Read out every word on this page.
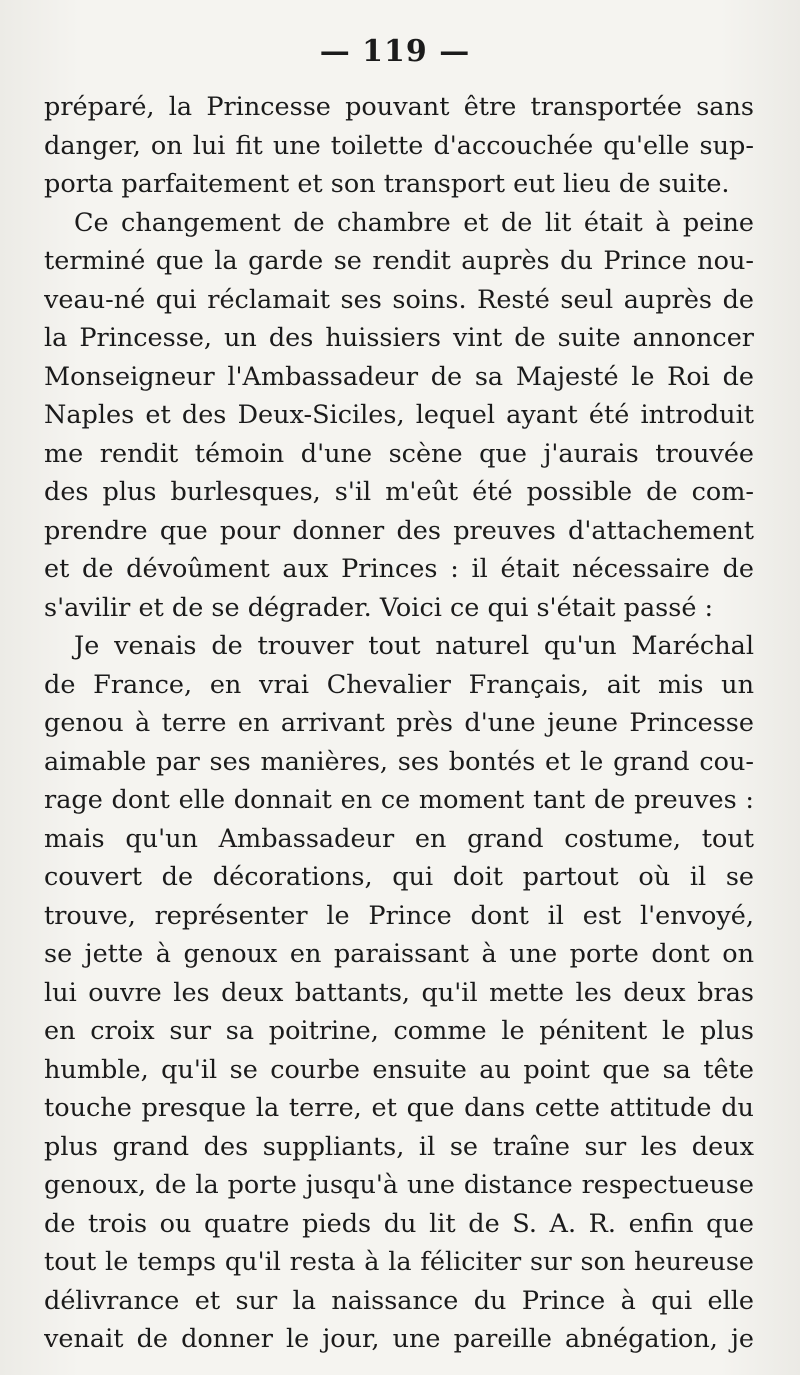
— 119 —
préparé, la Princesse pouvant être transportée sans
danger, on lui fit une toilette d'accouchée qu'elle sup-
porta parfaitement et son transport eut lieu de suite.
Ce changement de chambre et de lit était à peine
terminé que la garde se rendit auprès du Prince nou-
veau-né qui réclamait ses soins. Resté seul auprès de
la Princesse, un des huissiers vint de suite annoncer
Monseigneur l'Ambassadeur de sa Majesté le Roi de
Naples et des Deux-Siciles, lequel ayant été introduit
me rendit témoin d'une scène que j'aurais trouvée
des plus burlesques, s'il m'eût été possible de com-
prendre que pour donner des preuves d'attachement
et de dévoûment aux Princes : il était nécessaire de
s'avilir et de se dégrader. Voici ce qui s'était passé :
Je venais de trouver tout naturel qu'un Maréchal
de France, en vrai Chevalier Français, ait mis un
genou à terre en arrivant près d'une jeune Princesse
aimable par ses manières, ses bontés et le grand cou-
rage dont elle donnait en ce moment tant de preuves :
mais qu'un Ambassadeur en grand costume, tout
couvert de décorations, qui doit partout où il se
trouve, représenter le Prince dont il est l'envoyé,
se jette à genoux en paraissant à une porte dont on
lui ouvre les deux battants, qu'il mette les deux bras
en croix sur sa poitrine, comme le pénitent le plus
humble, qu'il se courbe ensuite au point que sa tête
touche presque la terre, et que dans cette attitude du
plus grand des suppliants, il se traîne sur les deux
genoux, de la porte jusqu'à une distance respectueuse
de trois ou quatre pieds du lit de S. A. R. enfin que
tout le temps qu'il resta à la féliciter sur son heureuse
délivrance et sur la naissance du Prince à qui elle
venait de donner le jour, une pareille abnégation, je
